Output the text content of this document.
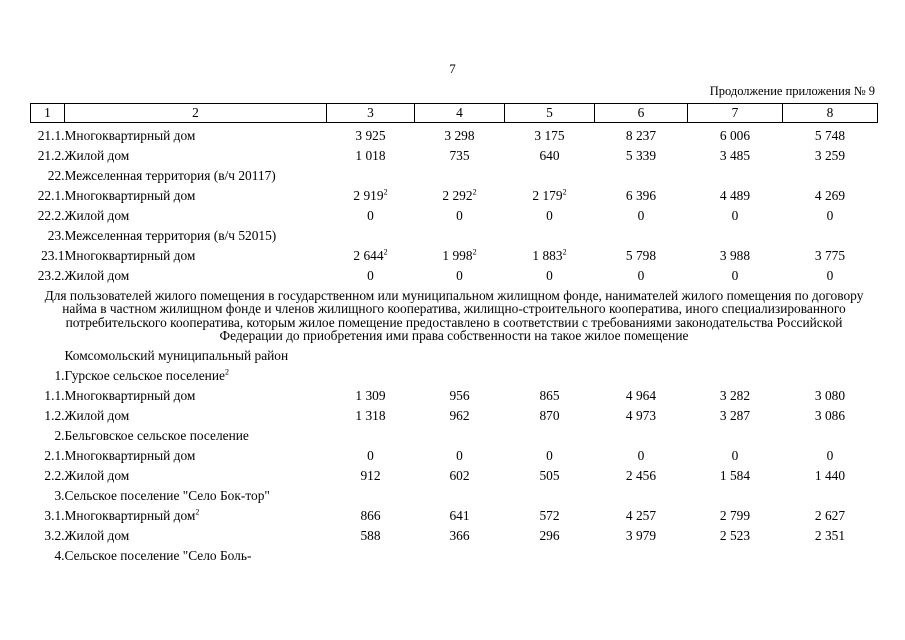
7
Продолжение приложения № 9
1	2	3	4	5	6	7	8

21.1.	Многоквартирный дом	3 925	3 298	3 175	8 237	6 006	5 748
21.2.	Жилой дом	1 018	735	640	5 339	3 485	3 259
22.	Межселенная территория (в/ч 20117)						
22.1.	Многоквартирный дом	2 $919^2$	2 $292^2$	2 $179^2$	6 396	4 489	4 269
22.2.	Жилой дом	0	0	0	0	0	0
23.	Межселенная территория (в/ч 52015)						
23.1	Многоквартирный дом	2 $644^2$	1 $998^2$	1 $883^2$	5 798	3 988	3 775
23.2.	Жилой дом	0	0	0	0	0	0
Для пользователей жилого помещения в государственном или муниципальном жилищном фонде, нанимателей жилого помещения по договору найма в частном жилищном фонде и членов жилищного кооператива, жилищно-строительного кооператива, иного специализированного потребительского кооператива, которым жилое помещение предоставлено в соответствии с требованиями законодательства Российской Федерации до приобретения ими права собственности на такое жилое помещение							
	Комсомольский муниципальный район						
1.	Гурское сельское поселение$^2$						
1.1.	Многоквартирный дом	1 309	956	865	4 964	3 282	3 080
1.2.	Жилой дом	1 318	962	870	4 973	3 287	3 086
2.	Бельговское сельское поселение						
2.1.	Многоквартирный дом	0	0	0	0	0	0
2.2.	Жилой дом	912	602	505	2 456	1 584	1 440
3.	Сельское поселение "Село Бок-тор"						
3.1.	Многоквартирный дом$^2$	866	641	572	4 257	2 799	2 627
3.2.	Жилой дом	588	366	296	3 979	2 523	2 351
4.	Сельское поселение "Село Боль-						
